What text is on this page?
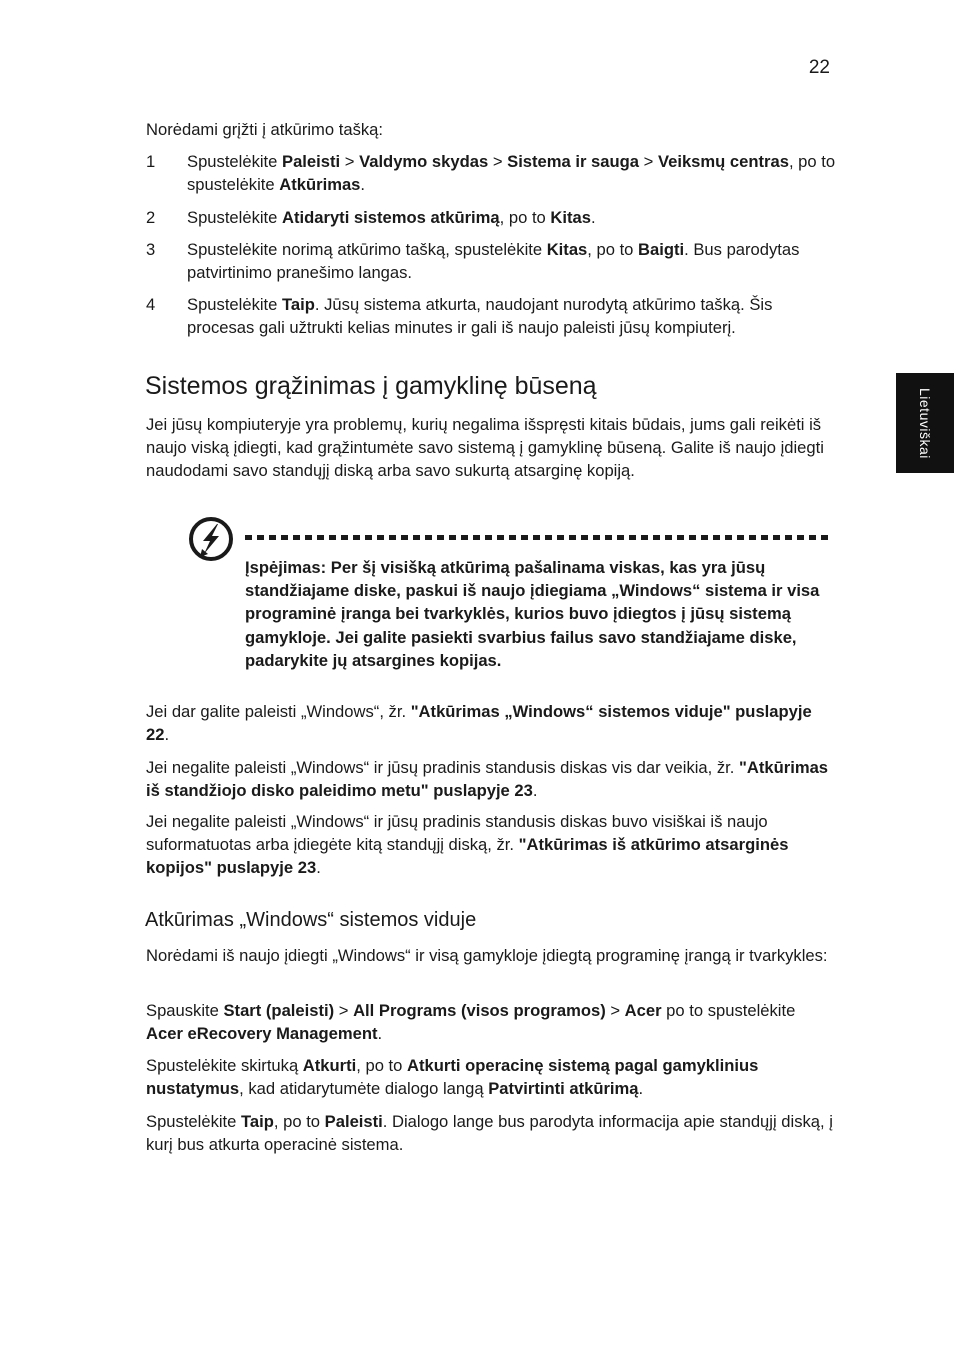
22
Lietuviškai

Norėdami grįžti į atkūrimo tašką:

1 Spustelėkite Paleisti > Valdymo skydas > Sistema ir sauga > Veiksmų centras, po to spustelėkite Atkūrimas.

2 Spustelėkite Atidaryti sistemos atkūrimą, po to Kitas.

3 Spustelėkite norimą atkūrimo tašką, spustelėkite Kitas, po to Baigti. Bus parodytas patvirtinimo pranešimo langas.

4 Spustelėkite Taip. Jūsų sistema atkurta, naudojant nurodytą atkūrimo tašką. Šis procesas gali užtrukti kelias minutes ir gali iš naujo paleisti jūsų kompiuterį.

Sistemos grąžinimas į gamyklinę būseną

Jei jūsų kompiuteryje yra problemų, kurių negalima išspręsti kitais būdais, jums gali reikėti iš naujo viską įdiegti, kad grąžintumėte savo sistemą į gamyklinę būseną. Galite iš naujo įdiegti naudodami savo standųjį diską arba savo sukurtą atsarginę kopiją.

Įspėjimas: Per šį visišką atkūrimą pašalinama viskas, kas yra jūsų standžiajame diske, paskui iš naujo įdiegiama „Windows“ sistema ir visa programinė įranga bei tvarkyklės, kurios buvo įdiegtos į jūsų sistemą gamykloje. Jei galite pasiekti svarbius failus savo standžiajame diske, padarykite jų atsargines kopijas.

Jei dar galite paleisti „Windows“, žr. "Atkūrimas „Windows“ sistemos viduje" puslapyje 22.

Jei negalite paleisti „Windows“ ir jūsų pradinis standusis diskas vis dar veikia, žr. "Atkūrimas iš standžiojo disko paleidimo metu" puslapyje 23.

Jei negalite paleisti „Windows“ ir jūsų pradinis standusis diskas buvo visiškai iš naujo suformatuotas arba įdiegėte kitą standųjį diską, žr. "Atkūrimas iš atkūrimo atsarginės kopijos" puslapyje 23.

Atkūrimas „Windows“ sistemos viduje

Norėdami iš naujo įdiegti „Windows“ ir visą gamykloje įdiegtą programinę įrangą ir tvarkykles:

Spauskite Start (paleisti) > All Programs (visos programos) > Acer po to spustelėkite Acer eRecovery Management.

Spustelėkite skirtuką Atkurti, po to Atkurti operacinę sistemą pagal gamyklinius nustatymus, kad atidarytumėte dialogo langą Patvirtinti atkūrimą.

Spustelėkite Taip, po to Paleisti. Dialogo lange bus parodyta informacija apie standųjį diską, į kurį bus atkurta operacinė sistema.
